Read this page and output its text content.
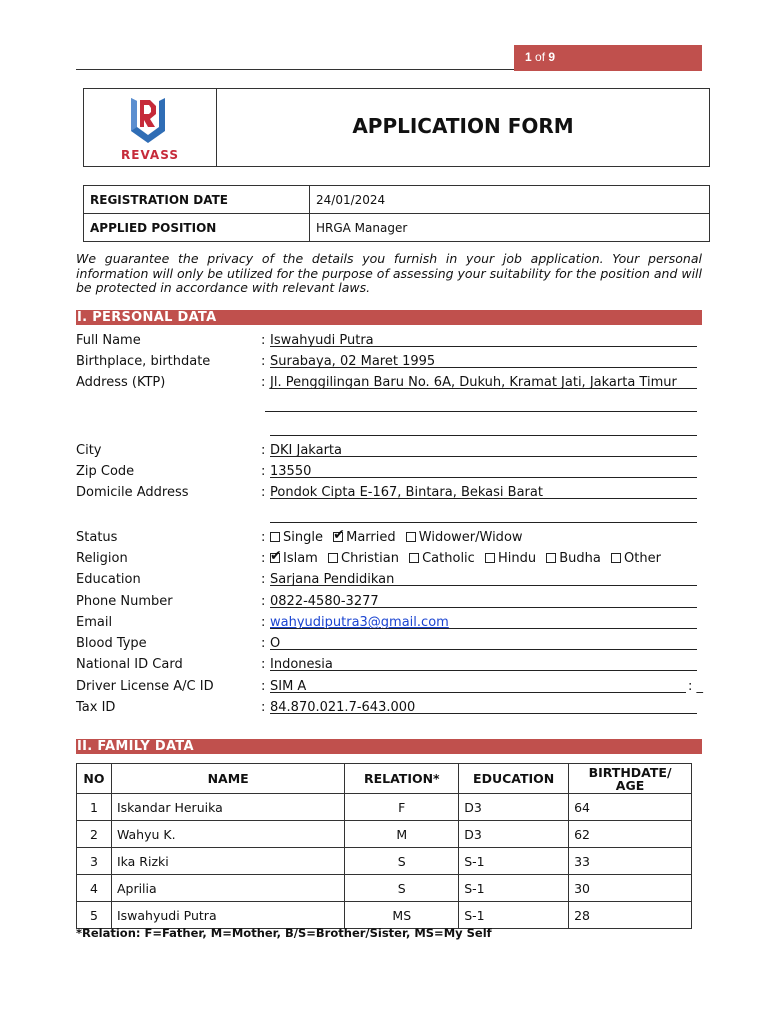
1 of 9
REVASS
APPLICATION FORM
REGISTRATION DATE	24/01/2024
APPLIED POSITION	HRGA Manager
We guarantee the privacy of the details you furnish in your job application. Your personal information will only be utilized for the purpose of assessing your suitability for the position and will be protected in accordance with relevant laws.
I. PERSONAL DATA
Full Name	: Iswahyudi Putra
Birthplace, birthdate	: Surabaya, 02 Maret 1995
Address (KTP)	: Jl. Penggilingan Baru No. 6A, Dukuh, Kramat Jati, Jakarta Timur
City	: DKI Jakarta
Zip Code	: 13550
Domicile Address	: Pondok Cipta E-167, Bintara, Bekasi Barat
Status	:	Single ✔ Married Widower/Widow
Religion	: ✔ Islam Christian Catholic Hindu Budha Other
Education	: Sarjana Pendidikan
Phone Number	: 0822-4580-3277
Email	: wahyudiputra3@gmail.com
Blood Type	: O
National ID Card	: Indonesia
Driver License A/C ID	: SIM A	: _
Tax ID	: 84.870.021.7-643.000
II. FAMILY DATA
NO	NAME	RELATION*	EDUCATION	BIRTHDATE/
AGE
1	Iskandar Heruika	F	D3	64
2	Wahyu K.	M	D3	62
3	Ika Rizki	S	S-1	33
4	Aprilia	S	S-1	30
5	Iswahyudi Putra	MS	S-1	28
*Relation: F=Father, M=Mother, B/S=Brother/Sister, MS=My Self
